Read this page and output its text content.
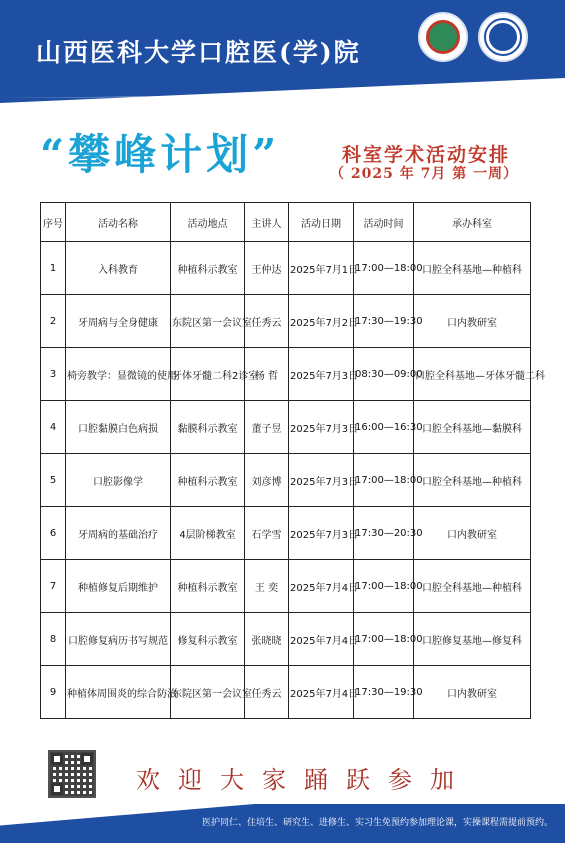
山西医科大学口腔医(学)院
“攀峰计划”	科室学术活动安排
（ 2025 年 7月 第 一周）
序号	活动名称	活动地点	主讲人	活动日期	活动时间	承办科室
1	入科教育	种植科示教室	王仲达	2025年7月1日	17:00—18:00	口腔全科基地—种植科
2	牙周病与全身健康	东院区第一会议室	任秀云	2025年7月2日	17:30—19:30	口内教研室
3	椅旁教学：显微镜的使用	牙体牙髓二科2诊室	杨 哲	2025年7月3日	08:30—09:00	口腔全科基地—牙体牙髓二科
4	口腔黏膜白色病损	黏膜科示教室	董子昱	2025年7月3日	16:00—16:30	口腔全科基地—黏膜科
5	口腔影像学	种植科示教室	刘彦博	2025年7月3日	17:00—18:00	口腔全科基地—种植科
6	牙周病的基础治疗	4层阶梯教室	石学雪	2025年7月3日	17:30—20:30	口内教研室
7	种植修复后期维护	种植科示教室	王 奕	2025年7月4日	17:00—18:00	口腔全科基地—种植科
8	口腔修复病历书写规范	修复科示教室	张晓晓	2025年7月4日	17:00—18:00	口腔修复基地—修复科
9	种植体周围炎的综合防治	东院区第一会议室	任秀云	2025年7月4日	17:30—19:30	口内教研室
欢迎大家踊跃参加
医护同仁、住培生、研究生、进修生、实习生免预约参加理论课，实操课程需提前预约。
